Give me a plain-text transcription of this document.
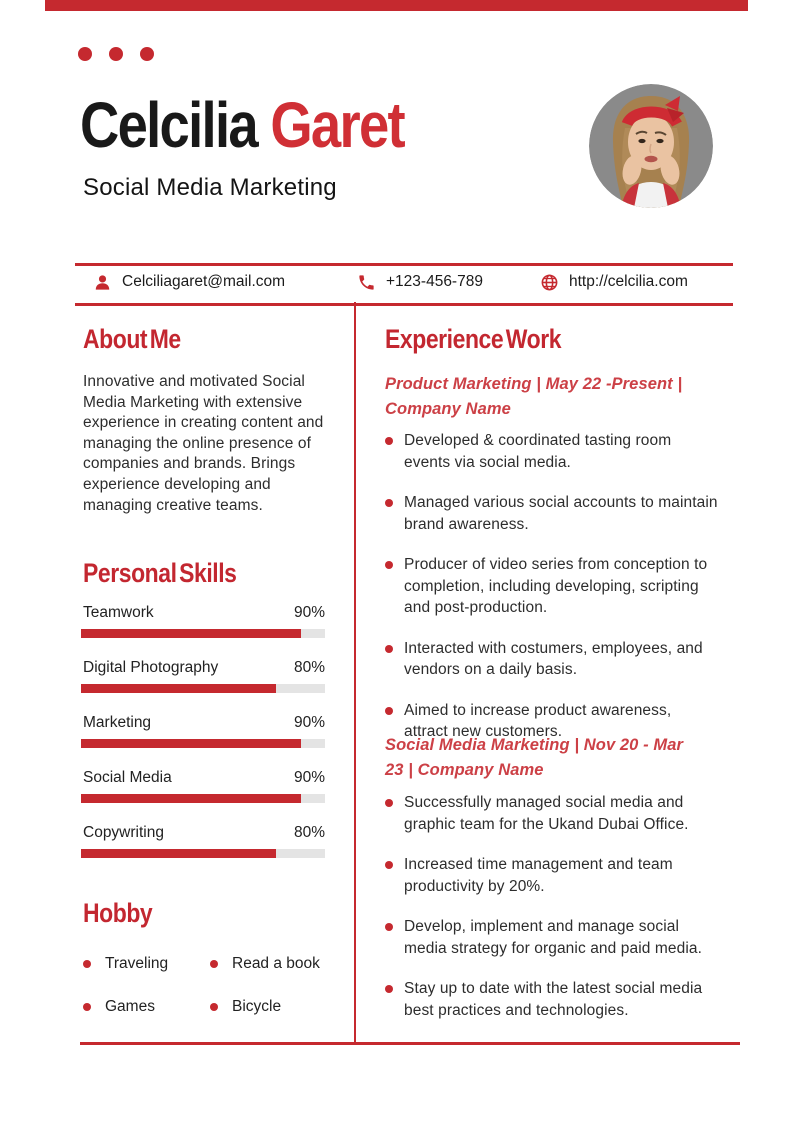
Celcilia Garet
Social Media Marketing
Celciliagaret@mail.com	+123-456-789	http://celcilia.com
About Me
Innovative and motivated Social Media Marketing with extensive experience in creating content and managing the online presence of companies and brands. Brings experience developing and managing creative teams.
Personal Skills
Teamwork	90%
Digital Photography	80%
Marketing	90%
Social Media	90%
Copywriting	80%
Hobby
Traveling	Read a book
Games	Bicycle
Experience Work
Product Marketing | May 22 -Present | Company Name
Developed & coordinated tasting room events via social media.
Managed various social accounts to maintain brand awareness.
Producer of video series from conception to completion, including developing, scripting and post-production.
Interacted with costumers, employees, and vendors on a daily basis.
Aimed to increase product awareness, attract new customers.
Social Media Marketing | Nov 20 - Mar 23 | Company Name
Successfully managed social media and graphic team for the Ukand Dubai Office.
Increased time management and team productivity by 20%.
Develop, implement and manage social media strategy for organic and paid media.
Stay up to date with the latest social media best practices and technologies.
